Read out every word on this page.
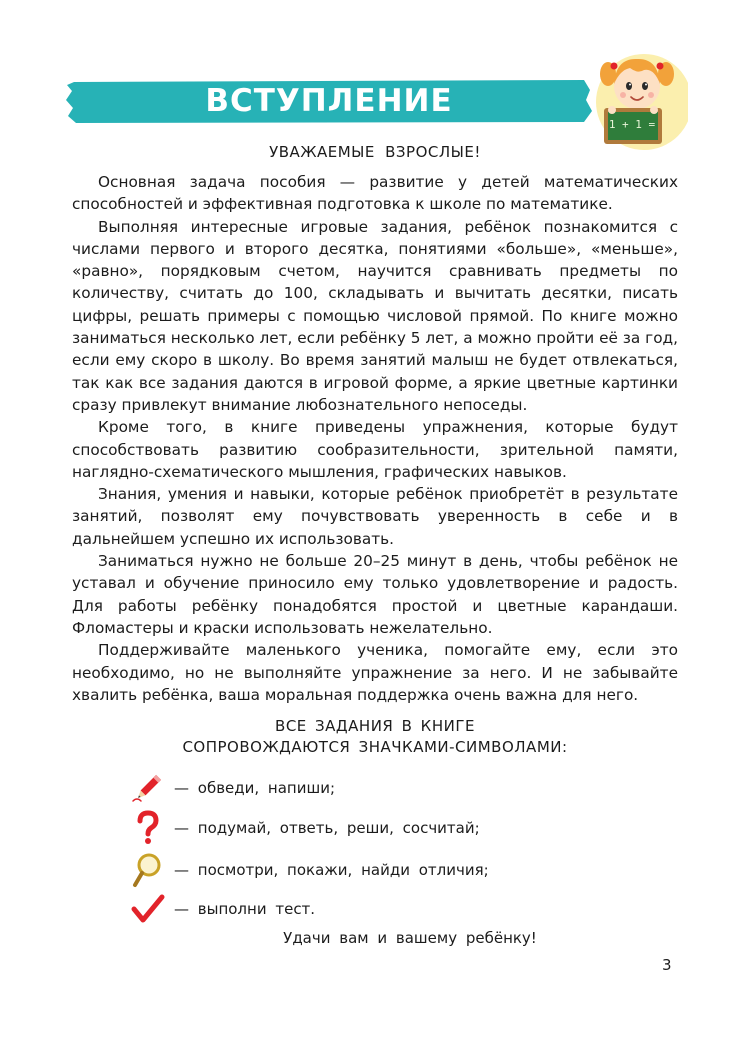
ВСТУПЛЕНИЕ
1 + 1 =

УВАЖАЕМЫЕ ВЗРОСЛЫЕ!

Основная задача пособия — развитие у детей математических способностей и эффективная подготовка к школе по математике.

Выполняя интересные игровые задания, ребёнок познакомится с числами первого и второго десятка, понятиями «больше», «меньше», «равно», порядковым счетом, научится сравнивать предметы по количеству, считать до 100, складывать и вычитать десятки, писать цифры, решать примеры с помощью числовой прямой. По книге можно заниматься несколько лет, если ребёнку 5 лет, а можно пройти её за год, если ему скоро в школу. Во время занятий малыш не будет отвлекаться, так как все задания даются в игровой форме, а яркие цветные картинки сразу привлекут внимание любознательного непоседы.

Кроме того, в книге приведены упражнения, которые будут способствовать развитию сообразительности, зрительной памяти, наглядно-схематического мышления, графических навыков.

Знания, умения и навыки, которые ребёнок приобретёт в результате занятий, позволят ему почувствовать уверенность в себе и в дальнейшем успешно их использовать.

Заниматься нужно не больше 20–25 минут в день, чтобы ребёнок не уставал и обучение приносило ему только удовлетворение и радость. Для работы ребёнку понадобятся простой и цветные карандаши. Фломастеры и краски использовать нежелательно.

Поддерживайте маленького ученика, помогайте ему, если это необходимо, но не выполняйте упражнение за него. И не забывайте хвалить ребёнка, ваша моральная поддержка очень важна для него.

ВСЕ ЗАДАНИЯ В КНИГЕ
СОПРОВОЖДАЮТСЯ ЗНАЧКАМИ-СИМВОЛАМИ:
— обведи, напиши;
— подумай, ответь, реши, сосчитай;
— посмотри, покажи, найди отличия;
— выполни тест.

Удачи вам и вашему ребёнку!

3
